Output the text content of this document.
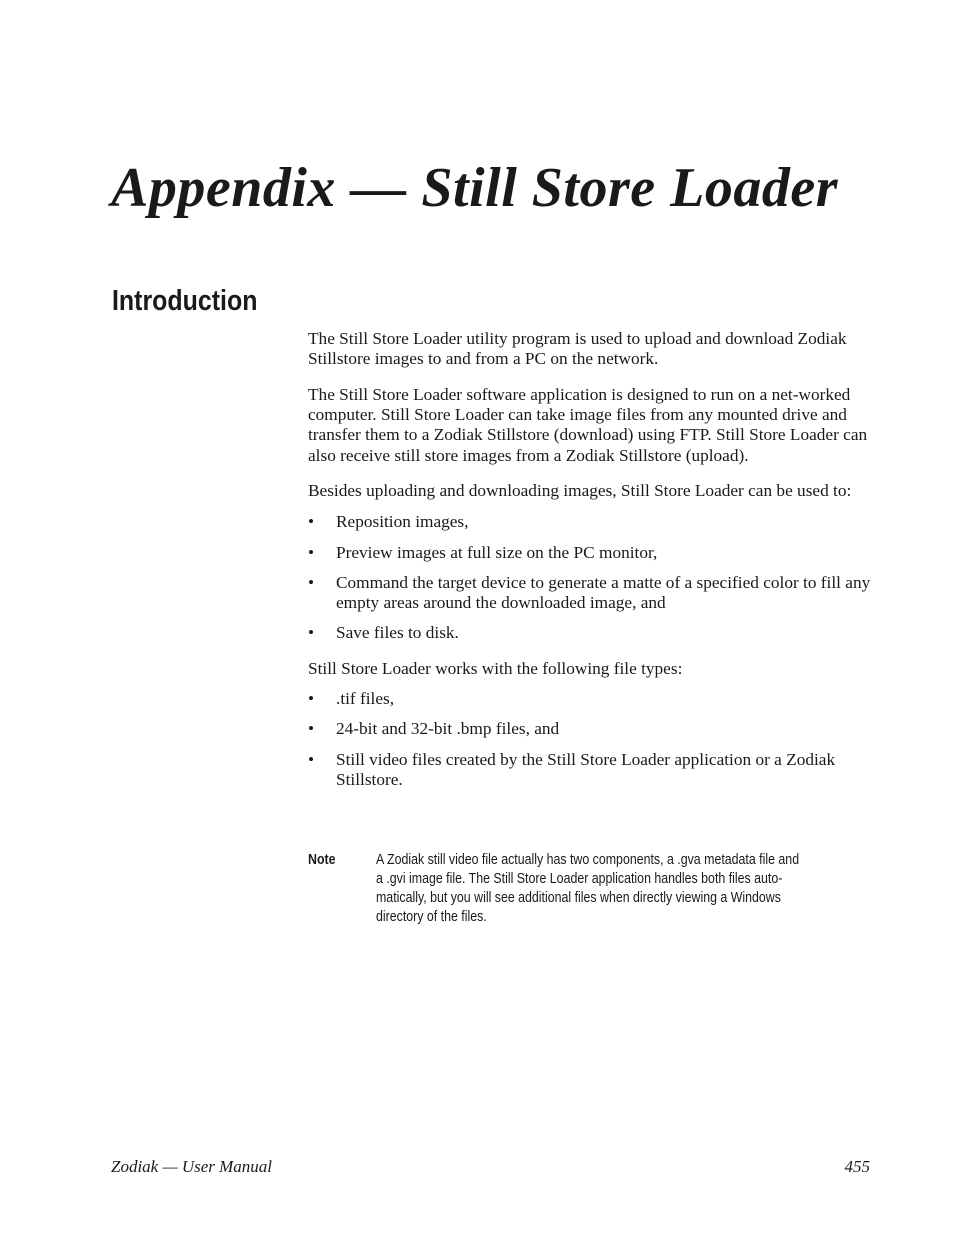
Appendix — Still Store Loader
Introduction

The Still Store Loader utility program is used to upload and download Zodiak Stillstore images to and from a PC on the network.

The Still Store Loader software application is designed to run on a net-worked computer. Still Store Loader can take image files from any mounted drive and transfer them to a Zodiak Stillstore (download) using FTP. Still Store Loader can also receive still store images from a Zodiak Stillstore (upload).

Besides uploading and downloading images, Still Store Loader can be used to:

• Reposition images,
• Preview images at full size on the PC monitor,
• Command the target device to generate a matte of a specified color to fill any empty areas around the downloaded image, and
• Save files to disk.

Still Store Loader works with the following file types:

• .tif files,
• 24-bit and 32-bit .bmp files, and
• Still video files created by the Still Store Loader application or a Zodiak Stillstore.
Note	A Zodiak still video file actually has two components, a .gva metadata file and
a .gvi image file. The Still Store Loader application handles both files auto-
matically, but you will see additional files when directly viewing a Windows
directory of the files.
Zodiak — User Manual	455
